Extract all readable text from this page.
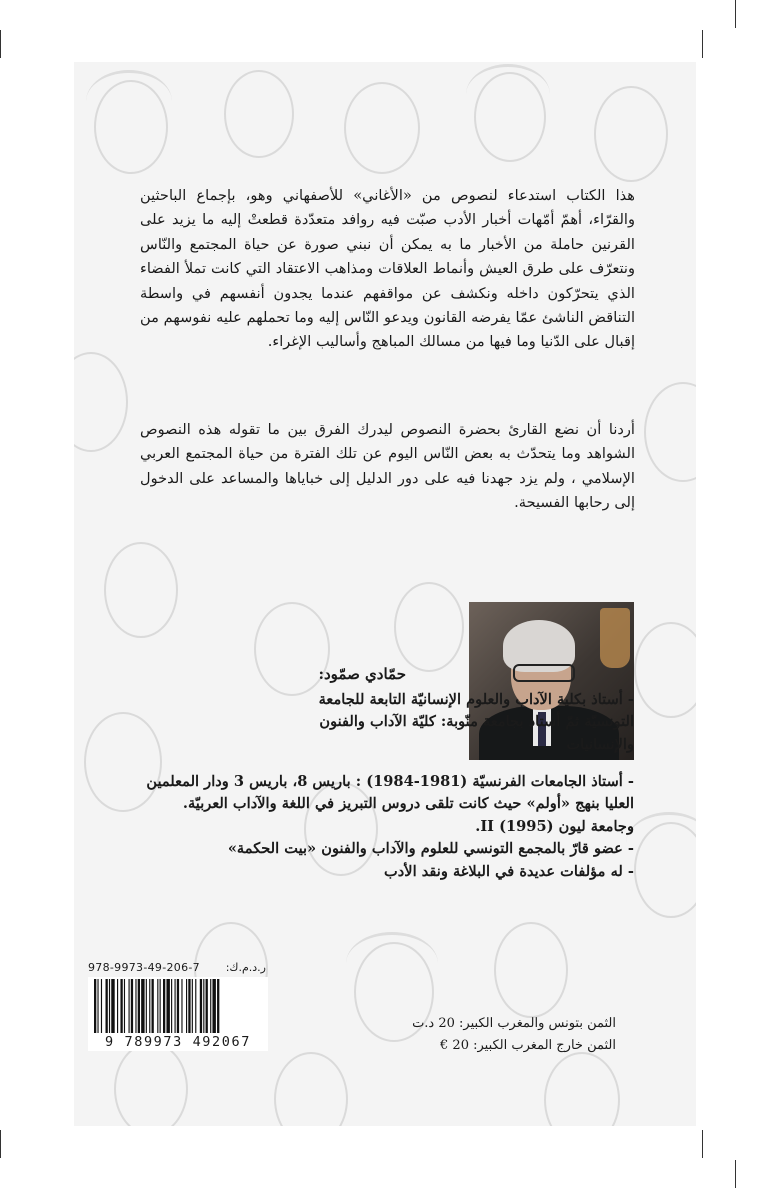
هذا الكتاب استدعاء لنصوص من «الأغاني» للأصفهاني وهو، بإجماع الباحثين والقرّاء، أهمّ أمّهات أخبار الأدب صبّت فيه روافد متعدّدة قطعتْ إليه ما يزيد على القرنين حاملة من الأخبار ما به يمكن أن نبني صورة عن حياة المجتمع والنّاس ونتعرّف على طرق العيش وأنماط العلاقات ومذاهب الاعتقاد التي كانت تملأ الفضاء الذي يتحرّكون داخله ونكشف عن مواقفهم عندما يجدون أنفسهم في واسطة التناقض الناشئ عمّا يفرضه القانون ويدعو النّاس إليه وما تحملهم عليه نفوسهم من إقبال على الدّنيا وما فيها من مسالك المباهج وأساليب الإغراء.

أردنا أن نضع القارئ بحضرة النصوص ليدرك الفرق بين ما تقوله هذه النصوص الشواهد وما يتحدّث به بعض النّاس اليوم عن تلك الفترة من حياة المجتمع العربي الإسلامي ، ولم يزد جهدنا فيه على دور الدليل إلى خباياها والمساعد على الدخول إلى رحابها الفسيحة.

حمّادي صمّود:
- أستاذ بكلية الآداب والعلوم الإنسانيّة التابعة للجامعة
التونسيّة ثمّ أستاذ بجامعة منّوبة: كليّة الآداب والفنون
والإنسانيات
- أستاذ الجامعات الفرنسيّة (1981-1984) : باريس 8، باريس 3 ودار المعلمين
العليا بنهج «أولم» حيث كانت تلقى دروس التبريز في اللغة والآداب العربيّة.
وجامعة ليون II (1995).
- عضو قارّ بالمجمع التونسي للعلوم والآداب والفنون «بيت الحكمة»
- له مؤلفات عديدة في البلاغة ونقد الأدب
978-9973-49-206-7 ر.د.م.ك:
9 789973 492067
الثمن بتونس والمغرب الكبير: 20 د.ت
الثمن خارج المغرب الكبير: 20 €
